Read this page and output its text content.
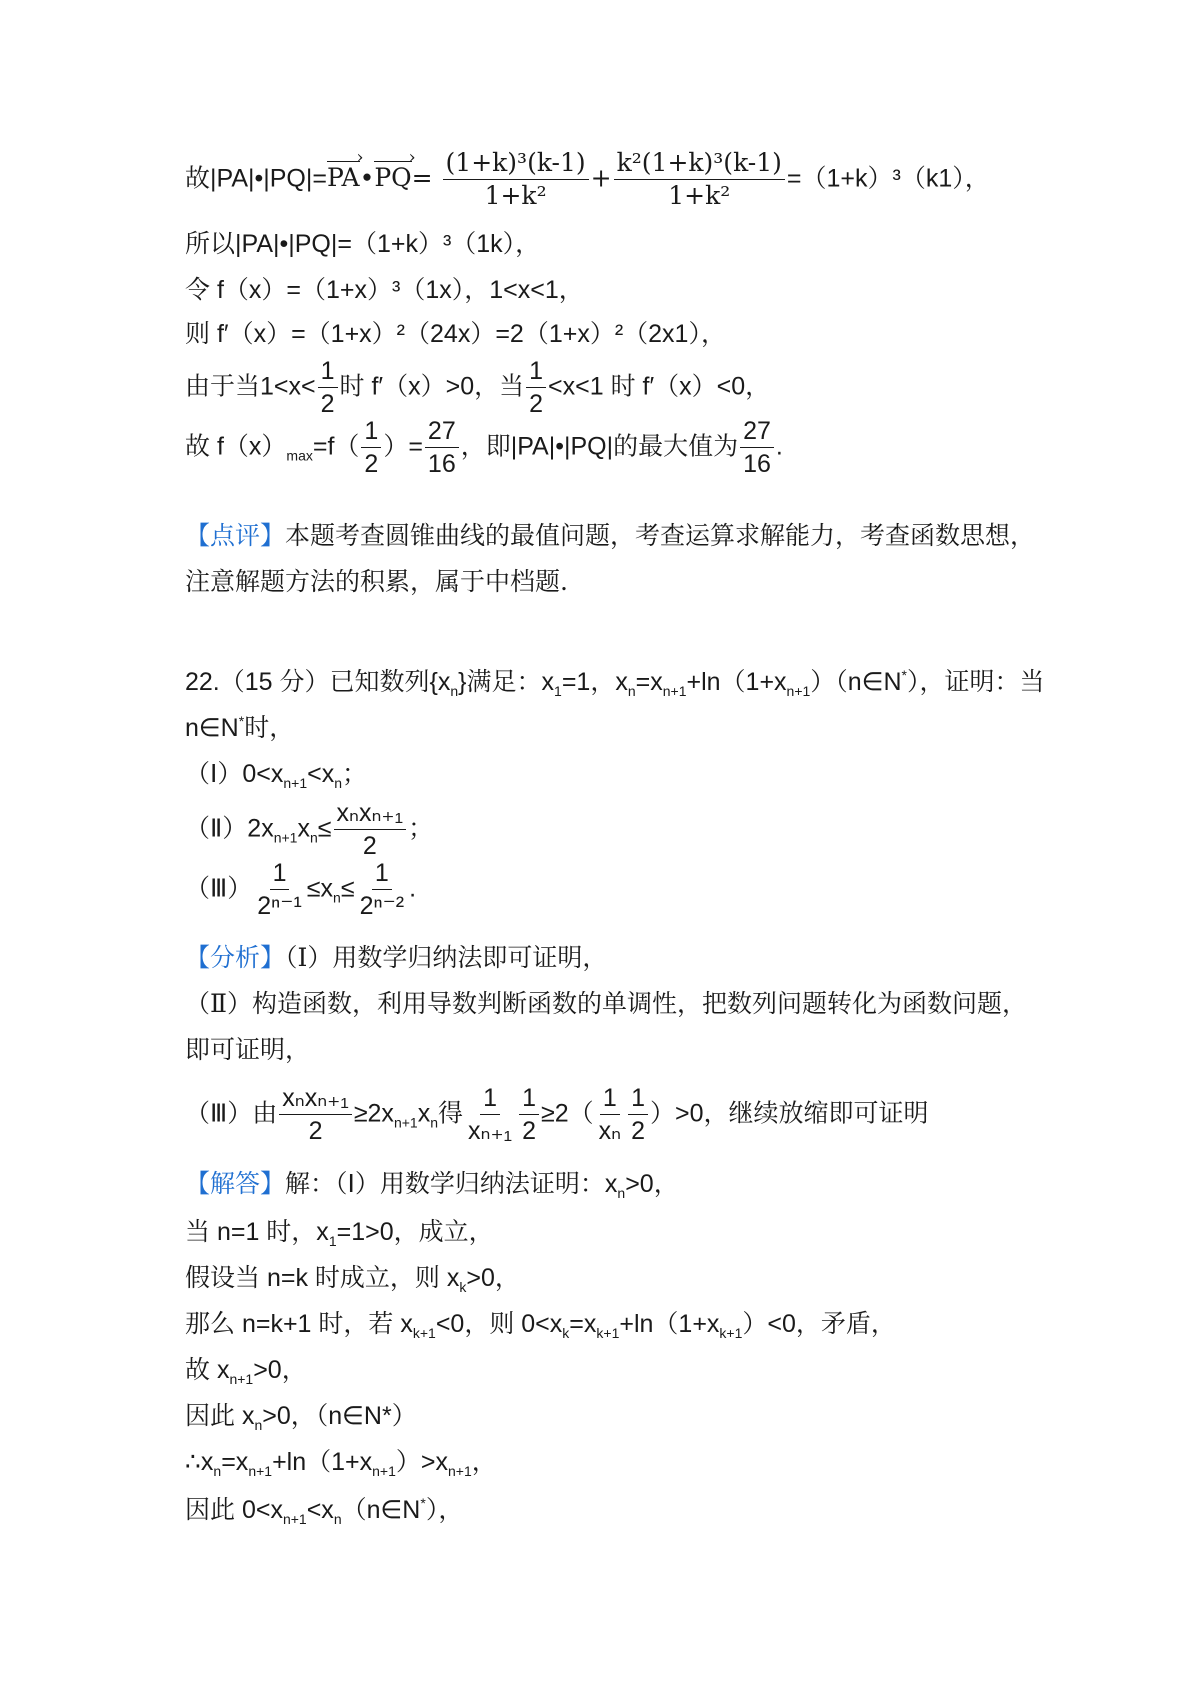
故|PA|•|PQ|=› PA•› $PQ= \frac{\text{(1+k)³(k-1)}}{\text{1+k²}} + \frac{\text{k²(1+k)³(k-1)}}{\text{1+k²}} =(1+k)^3(k1)$，
所以|PA|•|PQ|=（1+k）³（1k），
令 f（x）=（1+x）³（1x），1<x<1，
则 f′（x）=（1+x）²（24x）=2（1+x）²（2x1），
由于当$1<x< \frac{1}{2}$ 时 f′（x）>0，当 $\frac{1}{2} <x<1$ 时 f′（x）<0，
故 $f(x)_{max}=f( \frac{1}{2}$ ）= $\frac{27}{16}$ ，即|PA|•|PQ|的最大值为 $\frac{27}{16}$ .
【点评】本题考查圆锥曲线的最值问题，考查运算求解能力，考查函数思想，
注意解题方法的积累，属于中档题.
22.（15 分）已知数列$\{x_n\}$满足：$x_1=1$，$x_n=x_{n+1}+\ln(1+x_{n+1})(n\in N^*)$，证明：当
n∈N*时，
$(Ⅰ)0<x_{n+1}<x_n$；
$(Ⅱ)2x_{n+1}x_n\le \frac{\text{xₙxₙ₊₁}}{2}$ ；
（Ⅲ） $\frac{1}{\text{2ⁿ⁻¹}} \le x_n\le \frac{1}{\text{2ⁿ⁻²}}$ .
【分析】（Ⅰ）用数学归纳法即可证明，
（Ⅱ）构造函数，利用导数判断函数的单调性，把数列问题转化为函数问题，
即可证明，
（Ⅲ）由 $\frac{\text{xₙxₙ₊₁}}{2} \ge 2x_{n+1}x_n$得 $\frac{1}{\text{xₙ₊₁}} \frac{1}{2} \ge 2( \frac{1}{\text{xₙ}} \frac{1}{2} )>0$，继续放缩即可证明
【解答】解：（Ⅰ）用数学归纳法证明：$x_n>0$，
当 n=1 时，$x_1=1>0$，成立，
假设当 n=k 时成立，则 $x_k>0$，
那么 n=k+1 时，若 $x_{k+1}<0$，则 $0<x_k=x_{k+1}+\ln(1+x_{k+1})<0$，矛盾，
故 $x_{n+1}>0$，
因此 $x_n>0$，（n∈N*）
$\therefore x_n=x_{n+1}+\ln(1+x_{n+1})>x_{n+1}$，
因此 $0<x_{n+1}<x_n(n\in N^*)$，
